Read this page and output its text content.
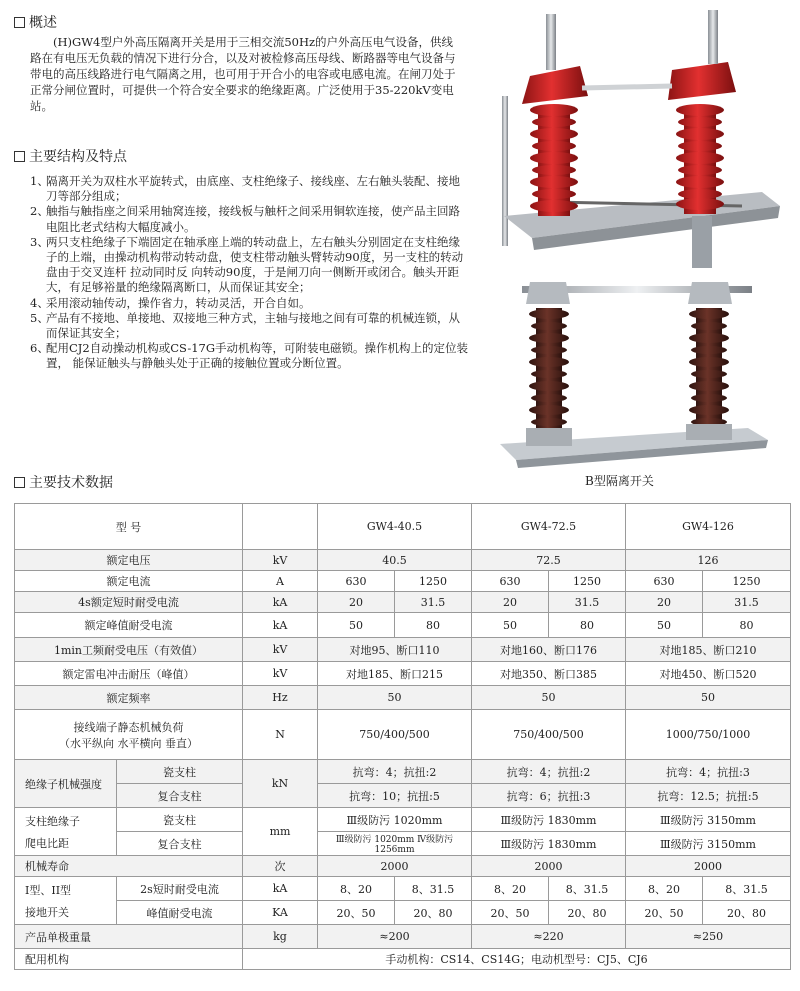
概述
(H)GW4型户外高压隔离开关是用于三相交流50Hz的户外高压电气设备，供线路在有电压无负载的情况下进行分合，以及对被检修高压母线、断路器等电气设备与带电的高压线路进行电气隔离之用，也可用于开合小的电容或电感电流。在闸刀处于正常分闸位置时，可提供一个符合安全要求的绝缘距离。广泛使用于35-220kV变电站。
主要结构及特点
1、
隔离开关为双柱水平旋转式，由底座、支柱绝缘子、接线座、左右触头装配、接地刀等部分组成；
2、
触指与触指座之间采用轴窝连接，接线板与触杆之间采用铜软连接，使产品主回路电阻比老式结构大幅度减小。
3、
两只支柱绝缘子下端固定在轴承座上端的转动盘上，左右触头分别固定在支柱绝缘子的上端，由操动机构带动转动盘，使支柱带动触头臂转动90度，另一支柱的转动盘由于交叉连杆 拉动同时反 向转动90度，于是闸刀向一侧断开或闭合。触头开距大，有足够裕量的绝缘隔离断口，从而保证其安全；
4、
采用滚动轴传动，操作省力，转动灵活，开合自如。
5、
产品有不接地、单接地、双接地三种方式，主轴与接地之间有可靠的机械连锁，从而保证其安全；
6、
配用CJ2自动操动机构或CS-17G手动机构等，可附装电磁锁。操作机构上的定位装置， 能保证触头与静触头处于正确的接触位置或分断位置。
B型隔离开关
主要技术数据
型 号			GW4-40.5		GW4-72.5		GW4-126	
额定电压		kV	40.5		72.5		126	
额定电流		A	630	1250	630	1250	630	1250
4s额定短时耐受电流		kA	20	31.5	20	31.5	20	31.5
额定峰值耐受电流		kA	50	80	50	80	50	80
1min工频耐受电压（有效值）		kV	对地95、断口110		对地160、断口176		对地185、断口210	
额定雷电冲击耐压（峰值）		kV	对地185、断口215		对地350、断口385		对地450、断口520	
额定频率		Hz	50		50		50	

接线端子静态机械负荷
（水平纵向 水平横向 垂直）		N	750/400/500		750/400/500		1000/750/1000	
绝缘子机械强度	瓷支柱	kN	抗弯：4；抗扭:2		抗弯：4；抗扭:2		抗弯：4；抗扭:3	
	复合支柱		抗弯：10；抗扭:5		抗弯：6；抗扭:3		抗弯：12.5；抗扭:5	

支柱绝缘子
爬电比距	瓷支柱	mm	Ⅲ级防污 1020mm		Ⅲ级防污 1830mm		Ⅲ级防污 3150mm	
	复合支柱		Ⅲ级防污 1020mm Ⅳ级防污 1256mm		Ⅲ级防污 1830mm		Ⅲ级防污 3150mm	
机械寿命		次	2000		2000		2000	

I型、II型
接地开关	2s短时耐受电流	kA	8、20	8、31.5	8、20	8、31.5	8、20	8、31.5
	峰值耐受电流	KA	20、50	20、80	20、50	20、80	20、50	20、80
产品单极重量		kg	≈200		≈220		≈250	
配用机构		手动机构：CS14、CS14G；电动机型号：CJ5、CJ6						
